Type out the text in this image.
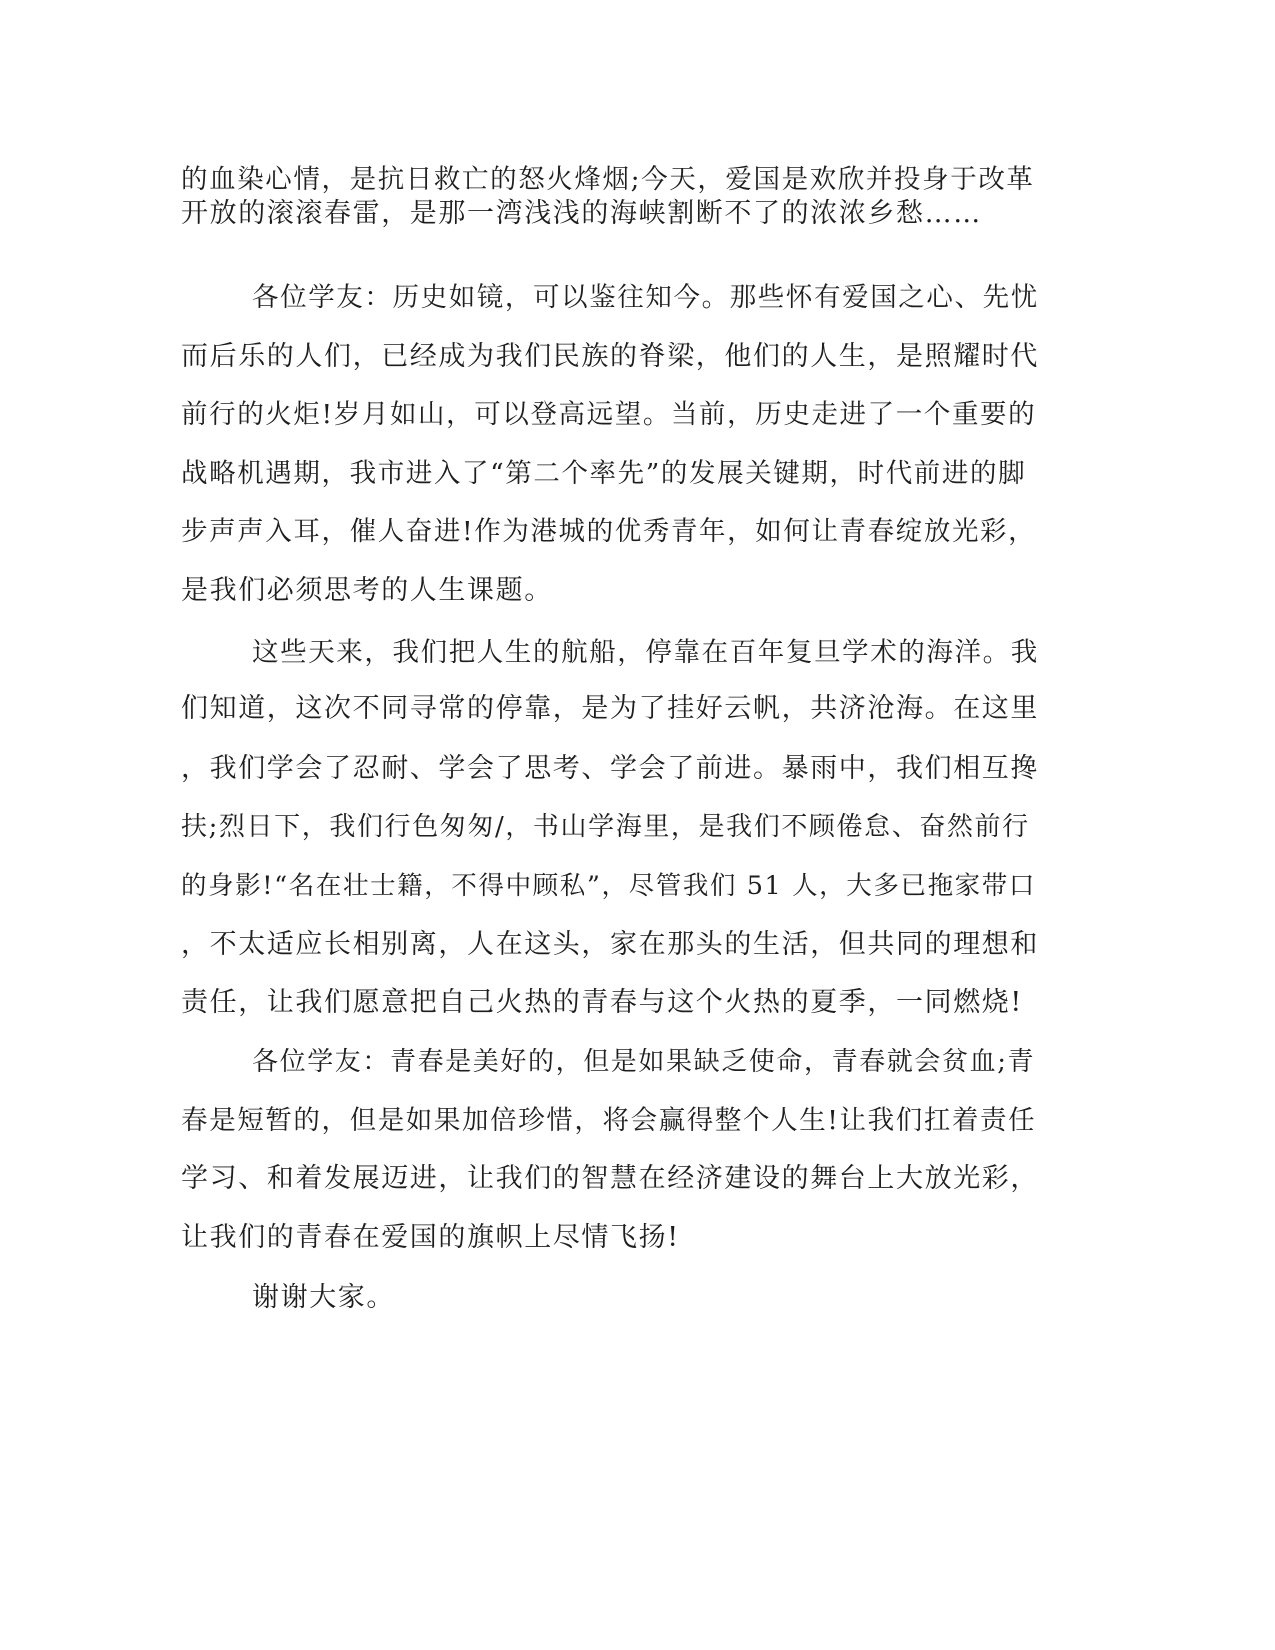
的血染心情，是抗日救亡的怒火烽烟;今天，爱国是欢欣并投身于改革
开放的滚滚春雷，是那一湾浅浅的海峡割断不了的浓浓乡愁……
各位学友：历史如镜，可以鉴往知今。那些怀有爱国之心、先忧
而后乐的人们，已经成为我们民族的脊梁，他们的人生，是照耀时代
前行的火炬!岁月如山，可以登高远望。当前，历史走进了一个重要的
战略机遇期，我市进入了“第二个率先”的发展关键期，时代前进的脚
步声声入耳，催人奋进!作为港城的优秀青年，如何让青春绽放光彩，
是我们必须思考的人生课题。
这些天来，我们把人生的航船，停靠在百年复旦学术的海洋。我
们知道，这次不同寻常的停靠，是为了挂好云帆，共济沧海。在这里
，我们学会了忍耐、学会了思考、学会了前进。暴雨中，我们相互搀
扶;烈日下，我们行色匆匆/，书山学海里，是我们不顾倦怠、奋然前行
的身影!“名在壮士籍，不得中顾私”，尽管我们 51 人，大多已拖家带口
，不太适应长相别离，人在这头，家在那头的生活，但共同的理想和
责任，让我们愿意把自己火热的青春与这个火热的夏季，一同燃烧!
各位学友：青春是美好的，但是如果缺乏使命，青春就会贫血;青
春是短暂的，但是如果加倍珍惜，将会赢得整个人生!让我们扛着责任
学习、和着发展迈进，让我们的智慧在经济建设的舞台上大放光彩，
让我们的青春在爱国的旗帜上尽情飞扬!
谢谢大家。
